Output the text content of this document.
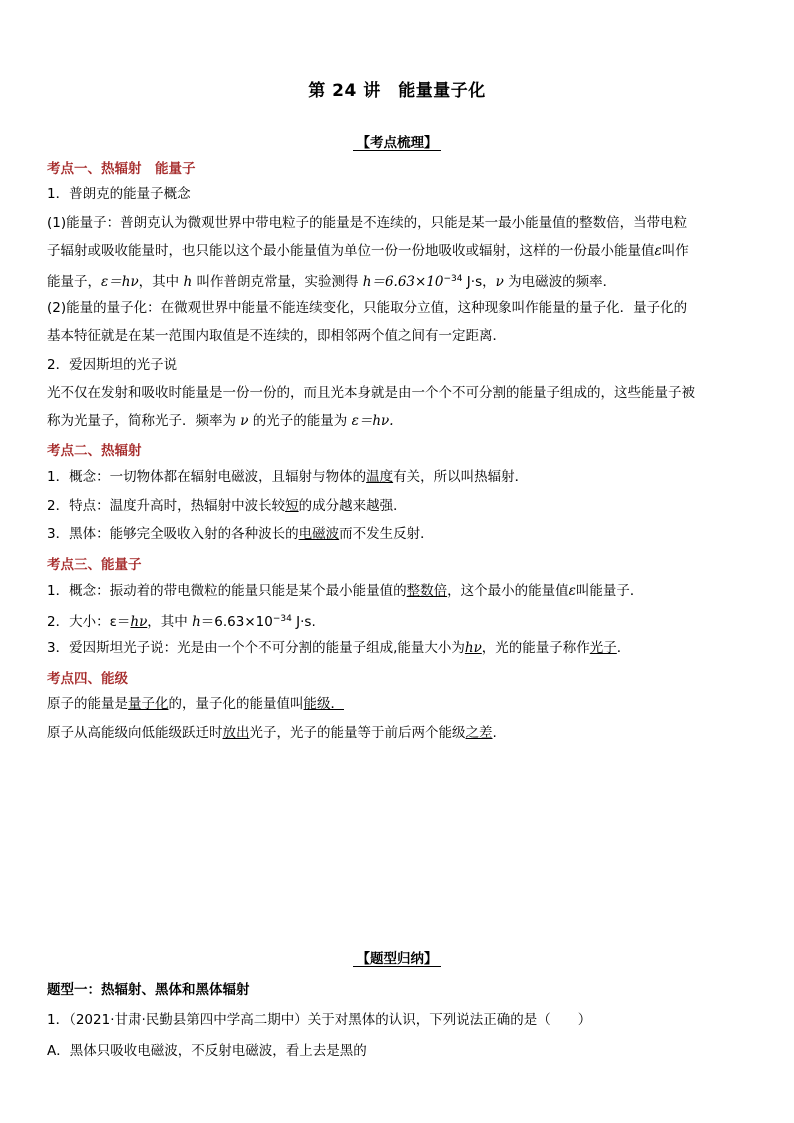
第 24 讲　能量量子化
【考点梳理】
考点一、热辐射　能量子
1．普朗克的能量子概念
(1)能量子：普朗克认为微观世界中带电粒子的能量是不连续的，只能是某一最小能量值的整数倍，当带电粒
子辐射或吸收能量时，也只能以这个最小能量值为单位一份一份地吸收或辐射，这样的一份最小能量值ε叫作
能量子，ε＝hν，其中 h 叫作普朗克常量，实验测得 $h=6.63\times 10^{-34}$ J·s，ν 为电磁波的频率．
(2)能量的量子化：在微观世界中能量不能连续变化，只能取分立值，这种现象叫作能量的量子化．量子化的
基本特征就是在某一范围内取值是不连续的，即相邻两个值之间有一定距离．
2．爱因斯坦的光子说
光不仅在发射和吸收时能量是一份一份的，而且光本身就是由一个个不可分割的能量子组成的，这些能量子被
称为光量子，简称光子．频率为 ν 的光子的能量为 ε＝hν.
考点二、热辐射
1．概念：一切物体都在辐射电磁波，且辐射与物体的温度有关，所以叫热辐射．
2．特点：温度升高时，热辐射中波长较短的成分越来越强．
3．黑体：能够完全吸收入射的各种波长的电磁波而不发生反射．
考点三、能量子
1．概念：振动着的带电微粒的能量只能是某个最小能量值的整数倍，这个最小的能量值ε叫能量子．
2．大小：ε＝hν，其中 $h=6.63\times 10^{-34}$ J·s.
3．爱因斯坦光子说：光是由一个个不可分割的能量子组成,能量大小为hν，光的能量子称作光子.
考点四、能级
原子的能量是量子化的，量子化的能量值叫能级．
原子从高能级向低能级跃迁时放出光子，光子的能量等于前后两个能级之差.
【题型归纳】
题型一：热辐射、黑体和黑体辐射
1．（2021·甘肃·民勤县第四中学高二期中）关于对黑体的认识，下列说法正确的是（　　）
A．黑体只吸收电磁波，不反射电磁波，看上去是黑的
